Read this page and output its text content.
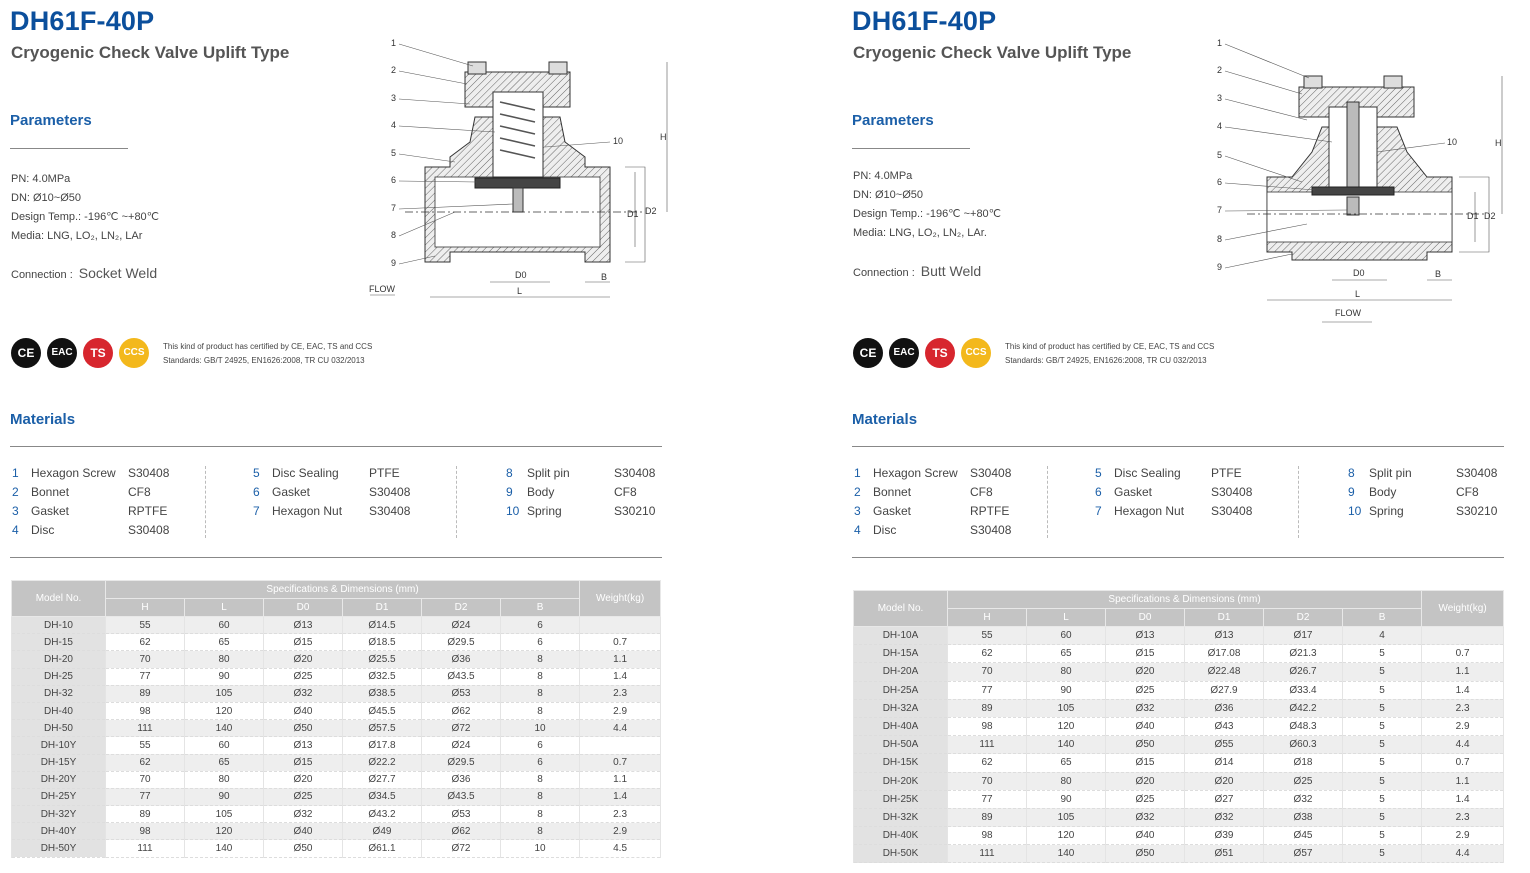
DH61F-40P
Cryogenic Check Valve Uplift Type
Parameters
PN: 4.0MPa
DN: Ø10~Ø50
Design Temp.: -196℃ ~+80℃
Media: LNG, LO₂, LN₂, LAr
Connection : Socket Weld
1
2
3
4
5
6
7
8
9
10	H
D1 D2
D0	B
L
FLOW
CE	EAC	TS	CCS
This kind of product has certified by CE, EAC, TS and CCS
Standards: GB/T 24925, EN1626:2008, TR CU 032/2013
Materials
1 Hexagon Screw S30408
2 Bonnet	CF8
3 Gasket	RPTFE
4 Disc	S30408
5 Disc Sealing	PTFE
6 Gasket	S30408
7 Hexagon Nut S30408
8 Split pin	S30408
9 Body	CF8
10 Spring	S30210
Model No.	Specifications & Dimensions (mm)						Weight(kg)
	H	L	D0	D1	D2	B	
DH-10	55	60	Ø13	Ø14.5	Ø24	6	
DH-15	62	65	Ø15	Ø18.5	Ø29.5	6	0.7
DH-20	70	80	Ø20	Ø25.5	Ø36	8	1.1
DH-25	77	90	Ø25	Ø32.5	Ø43.5	8	1.4
DH-32	89	105	Ø32	Ø38.5	Ø53	8	2.3
DH-40	98	120	Ø40	Ø45.5	Ø62	8	2.9
DH-50	111	140	Ø50	Ø57.5	Ø72	10	4.4
DH-10Y	55	60	Ø13	Ø17.8	Ø24	6	
DH-15Y	62	65	Ø15	Ø22.2	Ø29.5	6	0.7
DH-20Y	70	80	Ø20	Ø27.7	Ø36	8	1.1
DH-25Y	77	90	Ø25	Ø34.5	Ø43.5	8	1.4
DH-32Y	89	105	Ø32	Ø43.2	Ø53	8	2.3
DH-40Y	98	120	Ø40	Ø49	Ø62	8	2.9
DH-50Y	111	140	Ø50	Ø61.1	Ø72	10	4.5
DH61F-40P
Cryogenic Check Valve Uplift Type
Parameters
PN: 4.0MPa
DN: Ø10~Ø50
Design Temp.: -196℃ ~+80℃
Media: LNG, LO₂, LN₂, LAr.
Connection : Butt Weld
1
2
3
4
5
6
7
8
9
10	H
D1 D2
D0	B
L
FLOW
CE	EAC	TS	CCS
This kind of product has certified by CE, EAC, TS and CCS
Standards: GB/T 24925, EN1626:2008, TR CU 032/2013
Materials
1 Hexagon Screw S30408
2 Bonnet	CF8
3 Gasket	RPTFE
4 Disc	S30408
5 Disc Sealing	PTFE
6 Gasket	S30408
7 Hexagon Nut S30408
8 Split pin	S30408
9 Body	CF8
10 Spring	S30210
Model No.	Specifications & Dimensions (mm)						Weight(kg)
	H	L	D0	D1	D2	B	
DH-10A	55	60	Ø13	Ø13	Ø17	4	
DH-15A	62	65	Ø15	Ø17.08	Ø21.3	5	0.7
DH-20A	70	80	Ø20	Ø22.48	Ø26.7	5	1.1
DH-25A	77	90	Ø25	Ø27.9	Ø33.4	5	1.4
DH-32A	89	105	Ø32	Ø36	Ø42.2	5	2.3
DH-40A	98	120	Ø40	Ø43	Ø48.3	5	2.9
DH-50A	111	140	Ø50	Ø55	Ø60.3	5	4.4
DH-15K	62	65	Ø15	Ø14	Ø18	5	0.7
DH-20K	70	80	Ø20	Ø20	Ø25	5	1.1
DH-25K	77	90	Ø25	Ø27	Ø32	5	1.4
DH-32K	89	105	Ø32	Ø32	Ø38	5	2.3
DH-40K	98	120	Ø40	Ø39	Ø45	5	2.9
DH-50K	111	140	Ø50	Ø51	Ø57	5	4.4
